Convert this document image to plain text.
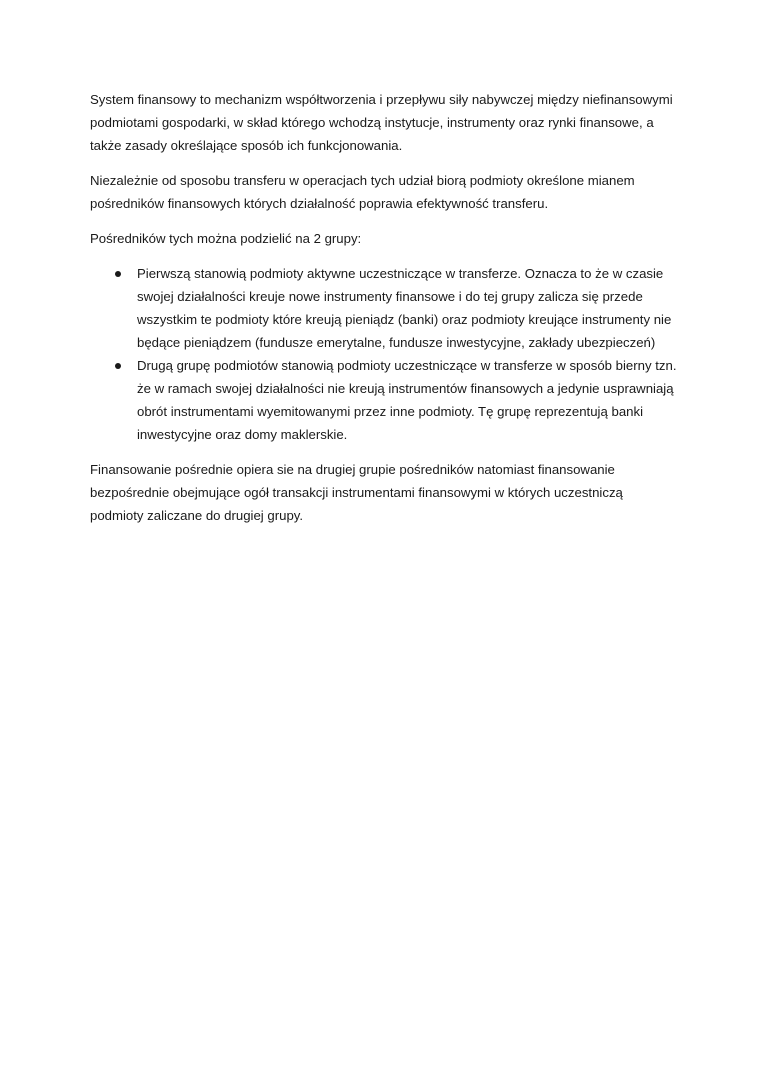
System finansowy to mechanizm współtworzenia i przepływu siły nabywczej między niefinansowymi podmiotami gospodarki, w skład którego wchodzą instytucje, instrumenty oraz rynki finansowe, a także zasady określające sposób ich funkcjonowania.

Niezależnie od sposobu transferu w operacjach tych udział biorą podmioty określone mianem pośredników finansowych których działalność poprawia efektywność transferu.

Pośredników tych można podzielić na 2 grupy:

Pierwszą stanowią podmioty aktywne uczestniczące w transferze. Oznacza to że w czasie swojej działalności kreuje nowe instrumenty finansowe i do tej grupy zalicza się przede wszystkim te podmioty które kreują pieniądz (banki) oraz podmioty kreujące instrumenty nie będące pieniądzem (fundusze emerytalne, fundusze inwestycyjne, zakłady ubezpieczeń)
Drugą grupę podmiotów stanowią podmioty uczestniczące w transferze w sposób bierny tzn. że w ramach swojej działalności nie kreują instrumentów finansowych a jedynie usprawniają obrót instrumentami wyemitowanymi przez inne podmioty. Tę grupę reprezentują banki inwestycyjne oraz domy maklerskie.

Finansowanie pośrednie opiera sie na drugiej grupie pośredników natomiast finansowanie bezpośrednie obejmujące ogół transakcji instrumentami finansowymi w których uczestniczą podmioty zaliczane do drugiej grupy.
